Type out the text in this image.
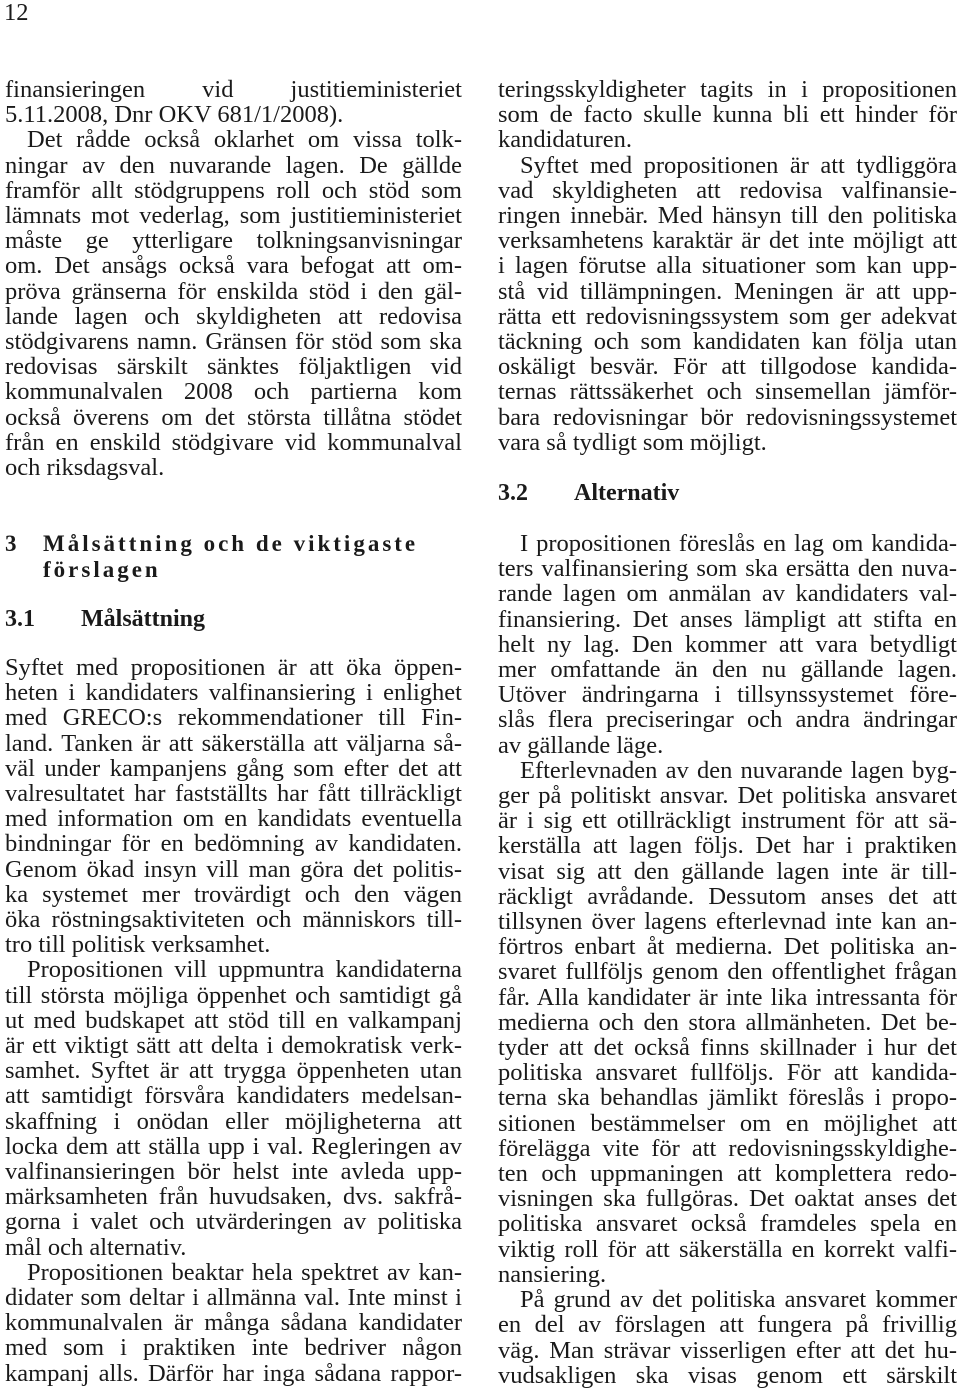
12
finansieringen vid justitieministeriet
5.11.2008, Dnr OKV 681/1/2008).
Det rådde också oklarhet om vissa tolk-
ningar av den nuvarande lagen. De gällde
framför allt stödgruppens roll och stöd som
lämnats mot vederlag, som justitieministeriet
måste ge ytterligare tolkningsanvisningar
om. Det ansågs också vara befogat att om-
pröva gränserna för enskilda stöd i den gäl-
lande lagen och skyldigheten att redovisa
stödgivarens namn. Gränsen för stöd som ska
redovisas särskilt sänktes följaktligen vid
kommunalvalen 2008 och partierna kom
också överens om det största tillåtna stödet
från en enskild stödgivare vid kommunalval
och riksdagsval.
3	Målsättning och de viktigaste
förslagen
3.1	Målsättning
Syftet med propositionen är att öka öppen-
heten i kandidaters valfinansiering i enlighet
med GRECO:s rekommendationer till Fin-
land. Tanken är att säkerställa att väljarna så-
väl under kampanjens gång som efter det att
valresultatet har fastställts har fått tillräckligt
med information om en kandidats eventuella
bindningar för en bedömning av kandidaten.
Genom ökad insyn vill man göra det politis-
ka systemet mer trovärdigt och den vägen
öka röstningsaktiviteten och människors till-
tro till politisk verksamhet.
Propositionen vill uppmuntra kandidaterna
till största möjliga öppenhet och samtidigt gå
ut med budskapet att stöd till en valkampanj
är ett viktigt sätt att delta i demokratisk verk-
samhet. Syftet är att trygga öppenheten utan
att samtidigt försvåra kandidaters medelsan-
skaffning i onödan eller möjligheterna att
locka dem att ställa upp i val. Regleringen av
valfinansieringen bör helst inte avleda upp-
märksamheten från huvudsaken, dvs. sakfrå-
gorna i valet och utvärderingen av politiska
mål och alternativ.
Propositionen beaktar hela spektret av kan-
didater som deltar i allmänna val. Inte minst i
kommunalvalen är många sådana kandidater
med som i praktiken inte bedriver någon
kampanj alls. Därför har inga sådana rappor-
teringsskyldigheter tagits in i propositionen
som de facto skulle kunna bli ett hinder för
kandidaturen.
Syftet med propositionen är att tydliggöra
vad skyldigheten att redovisa valfinansie-
ringen innebär. Med hänsyn till den politiska
verksamhetens karaktär är det inte möjligt att
i lagen förutse alla situationer som kan upp-
stå vid tillämpningen. Meningen är att upp-
rätta ett redovisningssystem som ger adekvat
täckning och som kandidaten kan följa utan
oskäligt besvär. För att tillgodose kandida-
ternas rättssäkerhet och sinsemellan jämför-
bara redovisningar bör redovisningssystemet
vara så tydligt som möjligt.
3.2	Alternativ
I propositionen föreslås en lag om kandida-
ters valfinansiering som ska ersätta den nuva-
rande lagen om anmälan av kandidaters val-
finansiering. Det anses lämpligt att stifta en
helt ny lag. Den kommer att vara betydligt
mer omfattande än den nu gällande lagen.
Utöver ändringarna i tillsynssystemet före-
slås flera preciseringar och andra ändringar
av gällande läge.
Efterlevnaden av den nuvarande lagen byg-
ger på politiskt ansvar. Det politiska ansvaret
är i sig ett otillräckligt instrument för att sä-
kerställa att lagen följs. Det har i praktiken
visat sig att den gällande lagen inte är till-
räckligt avrådande. Dessutom anses det att
tillsynen över lagens efterlevnad inte kan an-
förtros enbart åt medierna. Det politiska an-
svaret fullföljs genom den offentlighet frågan
får. Alla kandidater är inte lika intressanta för
medierna och den stora allmänheten. Det be-
tyder att det också finns skillnader i hur det
politiska ansvaret fullföljs. För att kandida-
terna ska behandlas jämlikt föreslås i propo-
sitionen bestämmelser om en möjlighet att
förelägga vite för att redovisningsskyldighe-
ten och uppmaningen att komplettera redo-
visningen ska fullgöras. Det oaktat anses det
politiska ansvaret också framdeles spela en
viktig roll för att säkerställa en korrekt valfi-
nansiering.
På grund av det politiska ansvaret kommer
en del av förslagen att fungera på frivillig
väg. Man strävar visserligen efter att det hu-
vudsakligen ska visas genom ett särskilt
